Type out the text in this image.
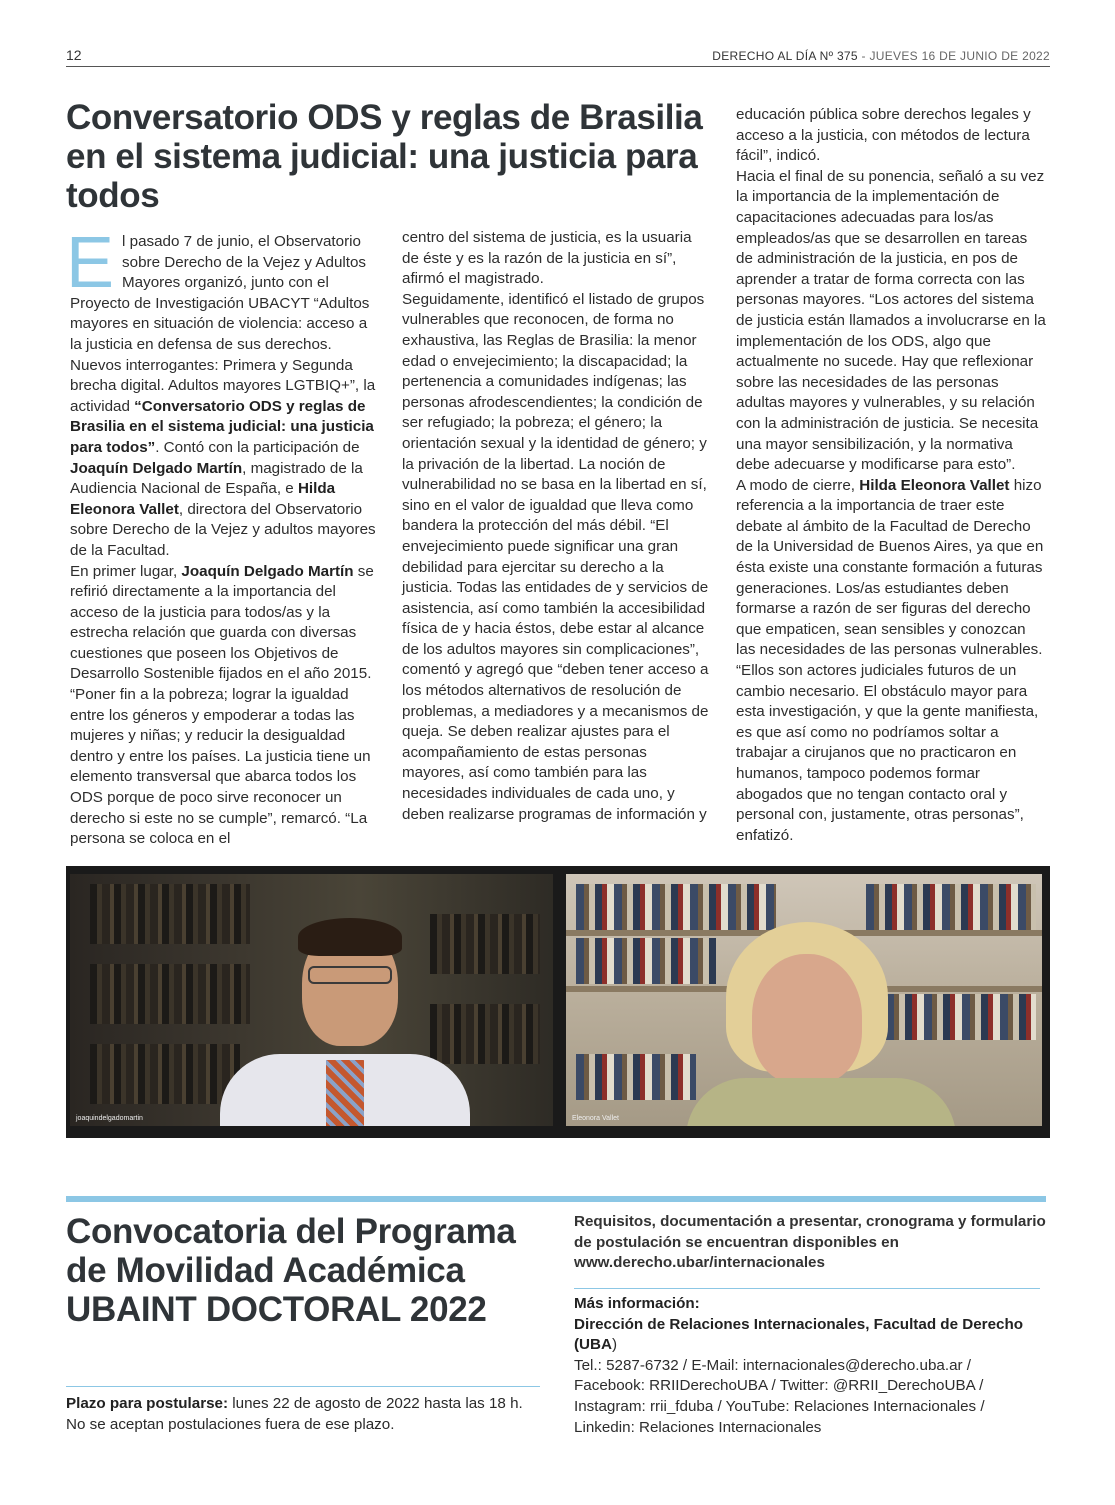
12	DERECHO AL DÍA Nº 375 - JUEVES 16 DE JUNIO DE 2022
Conversatorio ODS y reglas de Brasilia en el sistema judicial: una justicia para todos

El pasado 7 de junio, el Observatorio sobre Derecho de la Vejez y Adultos Mayores organizó, junto con el Proyecto de Investigación UBACYT “Adultos mayores en situación de violencia: acceso a la justicia en defensa de sus derechos. Nuevos interrogantes: Primera y Segunda brecha digital. Adultos mayores LGTBIQ+”, la actividad “Conversatorio ODS y reglas de Brasilia en el sistema judicial: una justicia para todos”. Contó con la participación de Joaquín Delgado Martín, magistrado de la Audiencia Nacional de España, e Hilda Eleonora Vallet, directora del Observatorio sobre Derecho de la Vejez y adultos mayores de la Facultad.

En primer lugar, Joaquín Delgado Martín se refirió directamente a la importancia del acceso de la justicia para todos/as y la estrecha relación que guarda con diversas cuestiones que poseen los Objetivos de Desarrollo Sostenible fijados en el año 2015. “Poner fin a la pobreza; lograr la igualdad entre los géneros y empoderar a todas las mujeres y niñas; y reducir la desigualdad dentro y entre los países. La justicia tiene un elemento transversal que abarca todos los ODS porque de poco sirve reconocer un derecho si este no se cumple”, remarcó. “La persona se coloca en el

centro del sistema de justicia, es la usuaria de éste y es la razón de la justicia en sí”, afirmó el magistrado.

Seguidamente, identificó el listado de grupos vulnerables que reconocen, de forma no exhaustiva, las Reglas de Brasilia: la menor edad o envejecimiento; la discapacidad; la pertenencia a comunidades indígenas; las personas afrodescendientes; la condición de ser refugiado; la pobreza; el género; la orientación sexual y la identidad de género; y la privación de la libertad. La noción de vulnerabilidad no se basa en la libertad en sí, sino en el valor de igualdad que lleva como bandera la protección del más débil. “El envejecimiento puede significar una gran debilidad para ejercitar su derecho a la justicia. Todas las entidades de y servicios de asistencia, así como también la accesibilidad física de y hacia éstos, debe estar al alcance de los adultos mayores sin complicaciones”, comentó y agregó que “deben tener acceso a los métodos alternativos de resolución de problemas, a mediadores y a mecanismos de queja. Se deben realizar ajustes para el acompañamiento de estas personas mayores, así como también para las necesidades individuales de cada uno, y deben realizarse programas de información y

educación pública sobre derechos legales y acceso a la justicia, con métodos de lectura fácil”, indicó.

Hacia el final de su ponencia, señaló a su vez la importancia de la implementación de capacitaciones adecuadas para los/as empleados/as que se desarrollen en tareas de administración de la justicia, en pos de aprender a tratar de forma correcta con las personas mayores. “Los actores del sistema de justicia están llamados a involucrarse en la implementación de los ODS, algo que actualmente no sucede. Hay que reflexionar sobre las necesidades de las personas adultas mayores y vulnerables, y su relación con la administración de justicia. Se necesita una mayor sensibilización, y la normativa debe adecuarse y modificarse para esto”.

A modo de cierre, Hilda Eleonora Vallet hizo referencia a la importancia de traer este debate al ámbito de la Facultad de Derecho de la Universidad de Buenos Aires, ya que en ésta existe una constante formación a futuras generaciones. Los/as estudiantes deben formarse a razón de ser figuras del derecho que empaticen, sean sensibles y conozcan las necesidades de las personas vulnerables. “Ellos son actores judiciales futuros de un cambio necesario. El obstáculo mayor para esta investigación, y que la gente manifiesta, es que así como no podríamos soltar a trabajar a cirujanos que no practicaron en humanos, tampoco podemos formar abogados que no tengan contacto oral y personal con, justamente, otras personas”, enfatizó.

joaquindelgadomartin	Eleonora Vallet
Convocatoria del Programa de Movilidad Académica UBAINT DOCTORAL 2022

Plazo para postularse: lunes 22 de agosto de 2022 hasta las 18 h. No se aceptan postulaciones fuera de ese plazo.

Requisitos, documentación a presentar, cronograma y formulario de postulación se encuentran disponibles en www.derecho.ubar/internacionales

Más información:

Dirección de Relaciones Internacionales, Facultad de Derecho (UBA)

Tel.: 5287-6732 / E-Mail: internacionales@derecho.uba.ar / Facebook: RRIIDerechoUBA / Twitter: @RRII_DerechoUBA / Instagram: rrii_fduba / YouTube: Relaciones Internacionales / Linkedin: Relaciones Internacionales
